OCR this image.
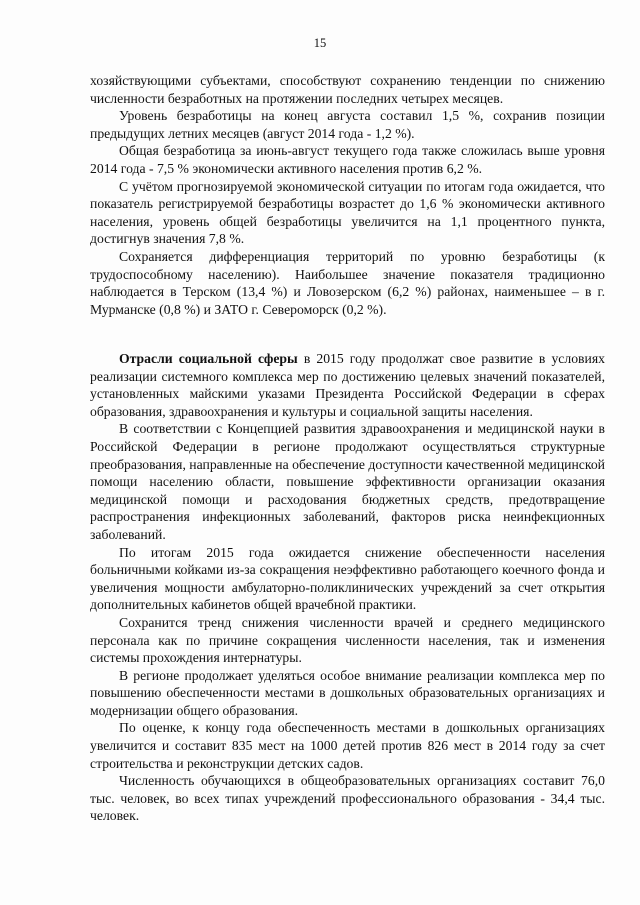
15

хозяйствующими субъектами, способствуют сохранению тенденции по снижению численности безработных на протяжении последних четырех месяцев.

Уровень безработицы на конец августа составил 1,5 %, сохранив позиции предыдущих летних месяцев (август 2014 года - 1,2 %).

Общая безработица за июнь-август текущего года также сложилась выше уровня 2014 года - 7,5 % экономически активного населения против 6,2 %.

С учётом прогнозируемой экономической ситуации по итогам года ожидается, что показатель регистрируемой безработицы возрастет до 1,6 % экономически активного населения, уровень общей безработицы увеличится на 1,1 процентного пункта, достигнув значения 7,8 %.

Сохраняется дифференциация территорий по уровню безработицы (к трудоспособному населению). Наибольшее значение показателя традиционно наблюдается в Терском (13,4 %) и Ловозерском (6,2 %) районах, наименьшее – в г. Мурманске (0,8 %) и ЗАТО г. Североморск (0,2 %).

Отрасли социальной сферы в 2015 году продолжат свое развитие в условиях реализации системного комплекса мер по достижению целевых значений показателей, установленных майскими указами Президента Российской Федерации в сферах образования, здравоохранения и культуры и социальной защиты населения.

В соответствии с Концепцией развития здравоохранения и медицинской науки в Российской Федерации в регионе продолжают осуществляться структурные преобразования, направленные на обеспечение доступности качественной медицинской помощи населению области, повышение эффективности организации оказания медицинской помощи и расходования бюджетных средств, предотвращение распространения инфекционных заболеваний, факторов риска неинфекционных заболеваний.

По итогам 2015 года ожидается снижение обеспеченности населения больничными койками из-за сокращения неэффективно работающего коечного фонда и увеличения мощности амбулаторно-поликлинических учреждений за счет открытия дополнительных кабинетов общей врачебной практики.

Сохранится тренд снижения численности врачей и среднего медицинского персонала как по причине сокращения численности населения, так и изменения системы прохождения интернатуры.

В регионе продолжает уделяться особое внимание реализации комплекса мер по повышению обеспеченности местами в дошкольных образовательных организациях и модернизации общего образования.

По оценке, к концу года обеспеченность местами в дошкольных организациях увеличится и составит 835 мест на 1000 детей против 826 мест в 2014 году за счет строительства и реконструкции детских садов.

Численность обучающихся в общеобразовательных организациях составит 76,0 тыс. человек, во всех типах учреждений профессионального образования - 34,4 тыс. человек.
